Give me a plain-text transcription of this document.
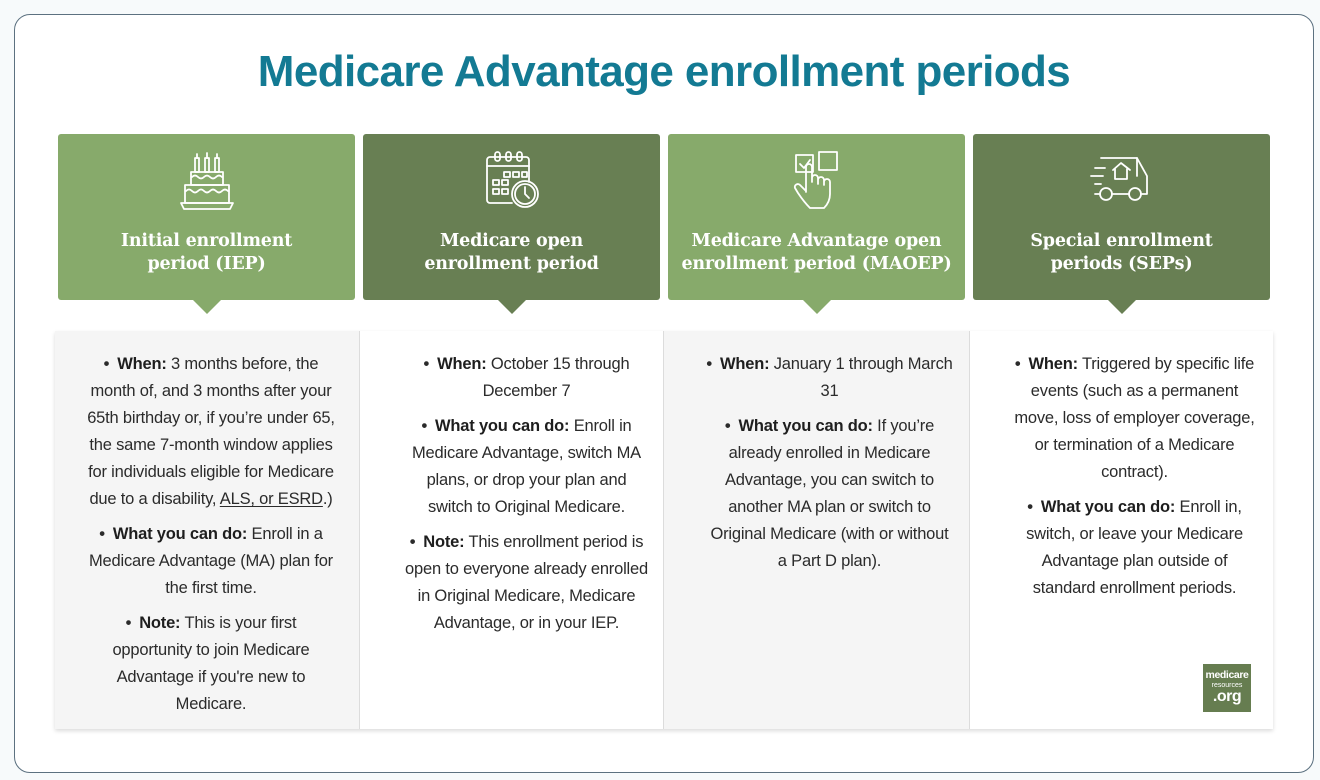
Medicare Advantage enrollment periods
Initial enrollment
period (IEP)
Medicare open
enrollment period
Medicare Advantage open
enrollment period (MAOEP)
Special enrollment
periods (SEPs)
• When: 3 months before, the month of, and 3 months after your 65th birthday or, if you’re under 65, the same 7-month window applies for individuals eligible for Medicare due to a disability, ALS, or ESRD.)
• What you can do: Enroll in a Medicare Advantage (MA) plan for the first time.
• Note: This is your first opportunity to join Medicare Advantage if you're new to Medicare.
• When: October 15 through December 7
• What you can do: Enroll in Medicare Advantage, switch MA plans, or drop your plan and switch to Original Medicare.
• Note: This enrollment period is open to everyone already enrolled in Original Medicare, Medicare Advantage, or in your IEP.
• When: January 1 through March 31
• What you can do: If you’re already enrolled in Medicare Advantage, you can switch to another MA plan or switch to Original Medicare (with or without a Part D plan).
• When: Triggered by specific life events (such as a permanent move, loss of employer coverage, or termination of a Medicare contract).
• What you can do: Enroll in, switch, or leave your Medicare Advantage plan outside of standard enrollment periods.
medicare
resources
.org
